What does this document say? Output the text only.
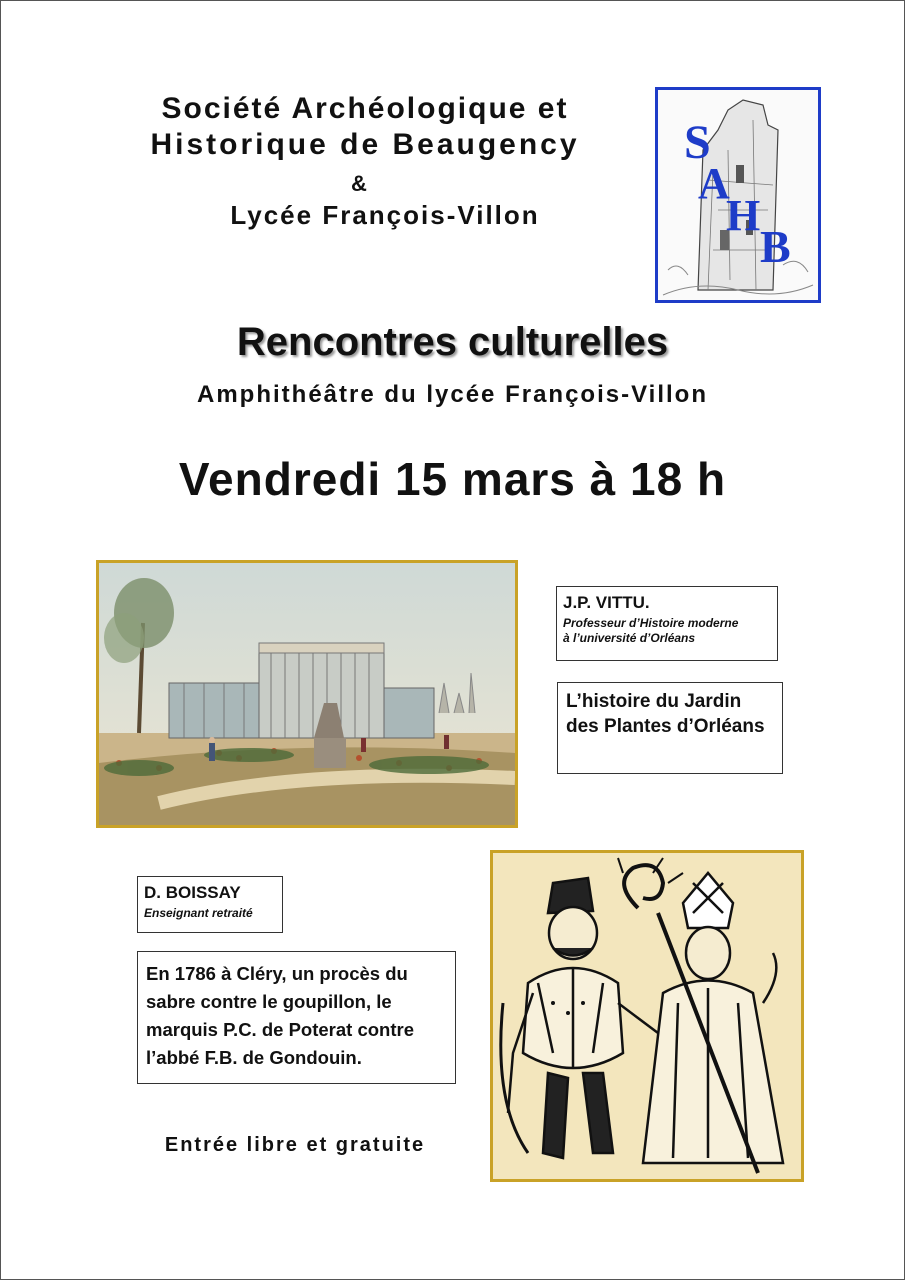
Société Archéologique et
Historique de Beaugency
&
Lycée François-Villon
S
A
H
B
Rencontres culturelles
Amphithéâtre du lycée François-Villon
Vendredi 15 mars à 18 h
J.P. VITTU.
Professeur d’Histoire moderne
à l’université d’Orléans
L’histoire du Jardin
des Plantes d’Orléans
D. BOISSAY
Enseignant retraité
En 1786 à Cléry, un procès du
sabre contre le goupillon, le
marquis P.C. de Poterat contre
l’abbé F.B. de Gondouin.
Entrée libre et gratuite
